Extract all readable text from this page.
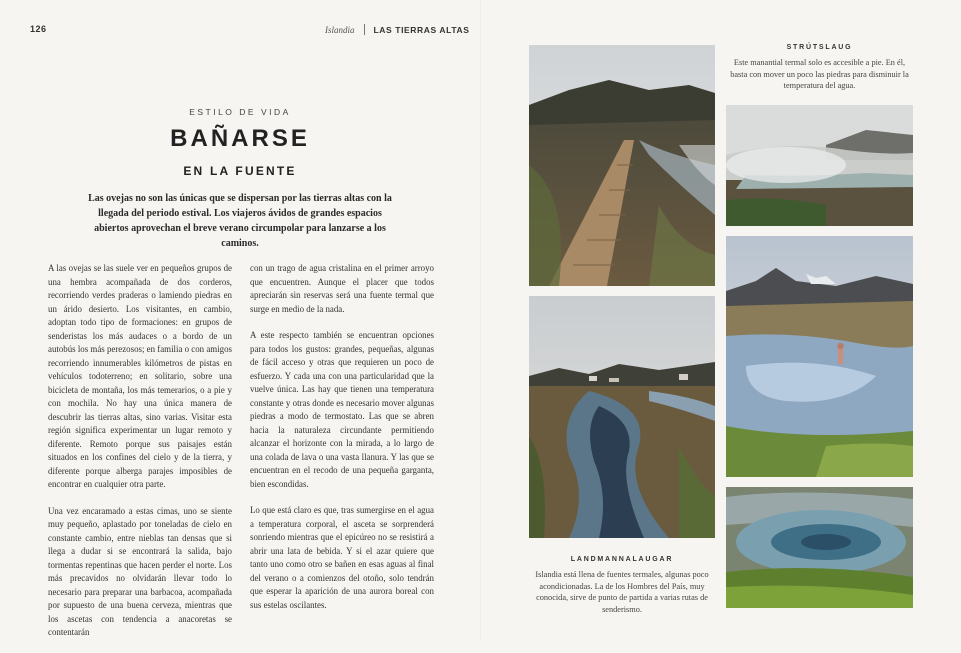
126	Islandia LAS TIERRAS ALTAS
ESTILO DE VIDA
BAÑARSE
EN LA FUENTE
Las ovejas no son las únicas que se dispersan por las tierras altas con la llegada del periodo estival. Los viajeros ávidos de grandes espacios abiertos aprovechan el breve verano circumpolar para lanzarse a los caminos.

A las ovejas se las suele ver en pequeños grupos de una hembra acompañada de dos corderos, recorriendo verdes praderas o lamiendo piedras en un árido desierto. Los visitantes, en cambio, adoptan todo tipo de formaciones: en grupos de senderistas los más audaces o a bordo de un autobús los más perezosos; en familia o con amigos recorriendo innumerables kilómetros de pistas en vehículos todoterreno; en solitario, sobre una bicicleta de montaña, los más temerarios, o a pie y con mochila. No hay una única manera de descubrir las tierras altas, sino varias. Visitar esta región significa experimentar un lugar remoto y diferente. Remoto porque sus paisajes están situados en los confines del cielo y de la tierra, y diferente porque alberga parajes imposibles de encontrar en cualquier otra parte.

Una vez encaramado a estas cimas, uno se siente muy pequeño, aplastado por toneladas de cielo en constante cambio, entre nieblas tan densas que si llega a dudar si se encontrará la salida, bajo tormentas repentinas que hacen perder el norte. Los más precavidos no olvidarán llevar todo lo necesario para preparar una barbacoa, acompañada por supuesto de una buena cerveza, mientras que los ascetas con tendencia a anacoretas se contentarán

con un trago de agua cristalina en el primer arroyo que encuentren. Aunque el placer que todos apreciarán sin reservas será una fuente termal que surge en medio de la nada.

A este respecto también se encuentran opciones para todos los gustos: grandes, pequeñas, algunas de fácil acceso y otras que requieren un poco de esfuerzo. Y cada una con una particularidad que la vuelve única. Las hay que tienen una temperatura constante y otras donde es necesario mover algunas piedras a modo de termostato. Las que se abren hacia la naturaleza circundante permitiendo alcanzar el horizonte con la mirada, a lo largo de una colada de lava o una vasta llanura. Y las que se encuentran en el recodo de una pequeña garganta, bien escondidas.

Lo que está claro es que, tras sumergirse en el agua a temperatura corporal, el asceta se sorprenderá sonriendo mientras que el epicúreo no se resistirá a abrir una lata de bebida. Y si el azar quiere que tanto uno como otro se bañen en esas aguas al final del verano o a comienzos del otoño, solo tendrán que esperar la aparición de una aurora boreal con sus estelas oscilantes.

STRÚTSLAUG
Este manantial termal solo es accesible a pie. En él, basta con mover un poco las piedras para disminuir la temperatura del agua.
LANDMANNALAUGAR
Islandia está llena de fuentes termales, algunas poco acondicionadas. La de los Hombres del País, muy conocida, sirve de punto de partida a varias rutas de senderismo.
